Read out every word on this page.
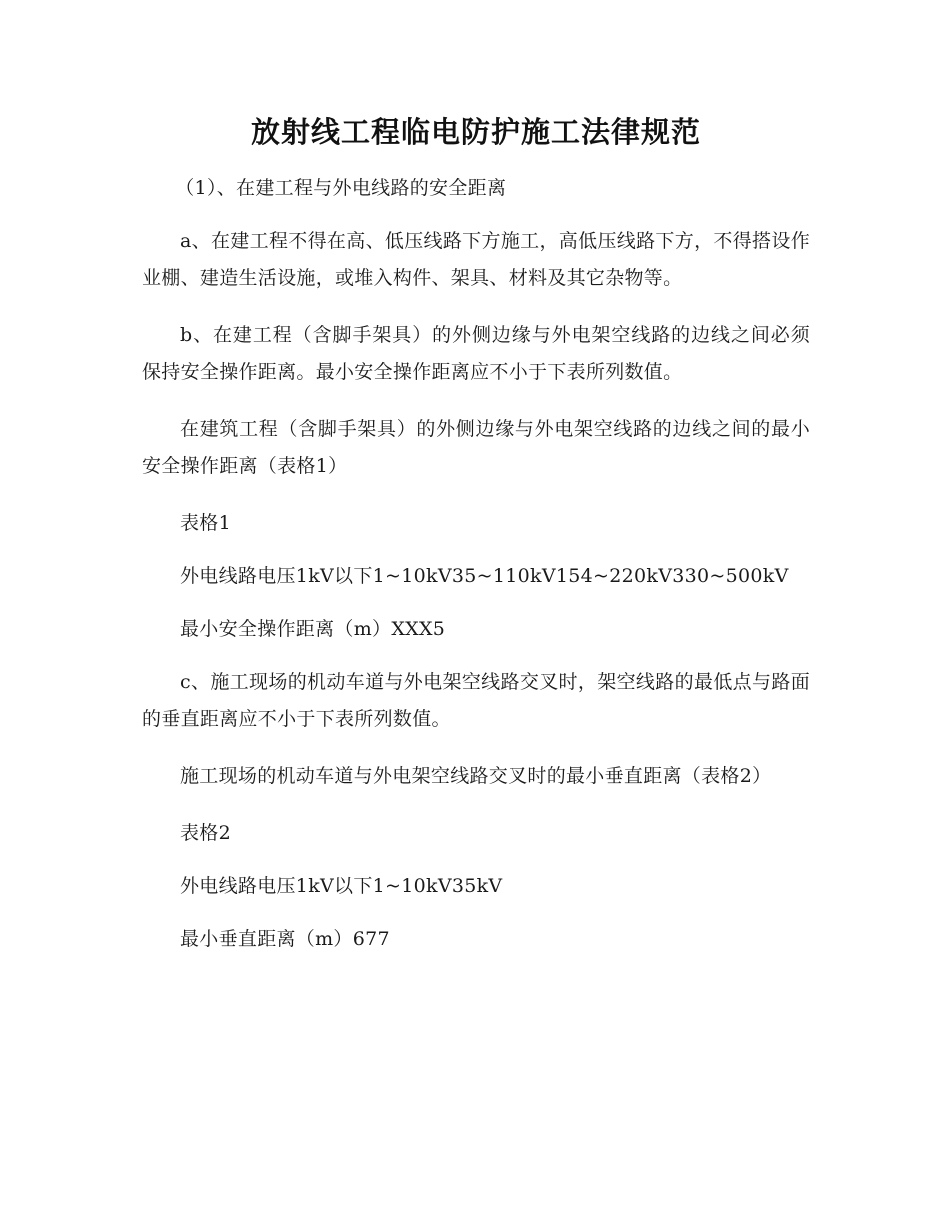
放射线工程临电防护施工法律规范

（1）、在建工程与外电线路的安全距离

a、在建工程不得在高、低压线路下方施工，高低压线路下方，不得搭设作业棚、建造生活设施，或堆入构件、架具、材料及其它杂物等。

b、在建工程（含脚手架具）的外侧边缘与外电架空线路的边线之间必须保持安全操作距离。最小安全操作距离应不小于下表所列数值。

在建筑工程（含脚手架具）的外侧边缘与外电架空线路的边线之间的最小安全操作距离（表格1）

表格1

外电线路电压1kV以下1~10kV35~110kV154~220kV330~500kV

最小安全操作距离（m）XXX5

c、施工现场的机动车道与外电架空线路交叉时，架空线路的最低点与路面的垂直距离应不小于下表所列数值。

施工现场的机动车道与外电架空线路交叉时的最小垂直距离（表格2）

表格2

外电线路电压1kV以下1~10kV35kV

最小垂直距离（m）677
